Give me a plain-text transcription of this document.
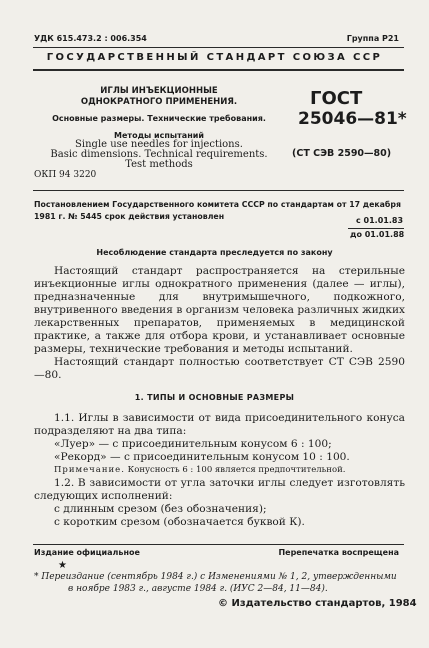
УДК 615.473.2 : 006.354	Группа Р21
ГОСУДАРСТВЕННЫЙ СТАНДАРТ СОЮЗА ССР
ИГЛЫ ИНЪЕКЦИОННЫЕ
ОДНОКРАТНОГО ПРИМЕНЕНИЯ.
Основные размеры. Технические требования.
Методы испытаний
Single use needles for injections.
Basic dimensions. Technical requirements.
Test methods
ОКП 94 3220
ГОСТ
25046—81*
(СТ СЭВ 2590—80)
Постановлением Государственного комитета СССР по стандартам от 17 декабря
1981 г. № 5445 срок действия установлен	с 01.01.83
до 01.01.88
Несоблюдение стандарта преследуется по закону

Настоящий стандарт распространяется на стерильные инъекционные иглы однократного применения (далее — иглы), предназначенные для внутримышечного, подкожного, внутривенного введения в организм человека различных жидких лекарственных препаратов, применяемых в медицинской практике, а также для отбора крови, и устанавливает основные размеры, технические требования и методы испытаний.

Настоящий стандарт полностью соответствует СТ СЭВ 2590—80.

1. ТИПЫ И ОСНОВНЫЕ РАЗМЕРЫ

1.1. Иглы в зависимости от вида присоединительного конуса подразделяют на два типа:

«Луер» — с присоединительным конусом 6 : 100;

«Рекорд» — с присоединительным конусом 10 : 100.

Примечание. Конусность 6 : 100 является предпочтительной.

1.2. В зависимости от угла заточки иглы следует изготовлять следующих исполнений:

с длинным срезом (без обозначения);

с коротким срезом (обозначается буквой К).

Издание официальное	Перепечатка воспрещена
★
* Переиздание (сентябрь 1984 г.) с Изменениями № 1, 2, утвержденными
в ноябре 1983 г., августе 1984 г. (ИУС 2—84, 11—84).
© Издательство стандартов, 1984
